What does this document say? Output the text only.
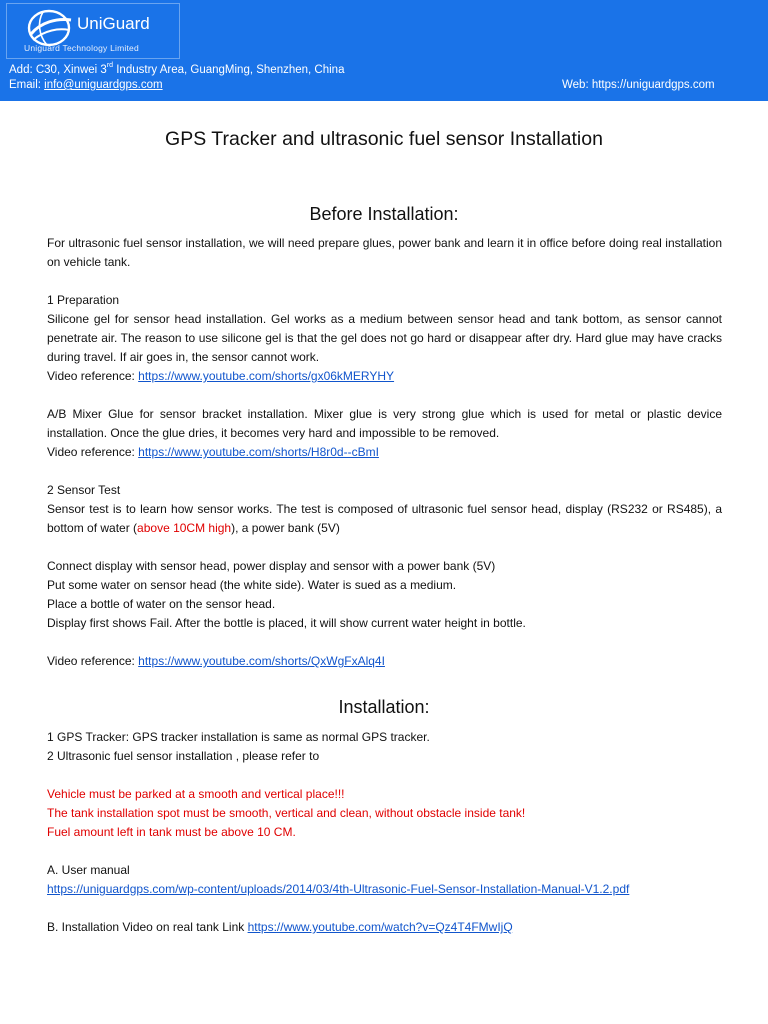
UniGuard
Uniguard Technology Limited
Add: C30, Xinwei 3rd Industry Area, GuangMing, Shenzhen, China
Email: info@uniguardgps.com	Web: https://uniguardgps.com
GPS Tracker and ultrasonic fuel sensor Installation
Before Installation:
For ultrasonic fuel sensor installation, we will need prepare glues, power bank and learn it in office before doing real installation on vehicle tank.
1 Preparation
Silicone gel for sensor head installation. Gel works as a medium between sensor head and tank bottom, as sensor cannot penetrate air. The reason to use silicone gel is that the gel does not go hard or disappear after dry. Hard glue may have cracks during travel. If air goes in, the sensor cannot work.
Video reference: https://www.youtube.com/shorts/gx06kMERYHY
A/B Mixer Glue for sensor bracket installation. Mixer glue is very strong glue which is used for metal or plastic device installation. Once the glue dries, it becomes very hard and impossible to be removed.
Video reference: https://www.youtube.com/shorts/H8r0d--cBmI
2 Sensor Test
Sensor test is to learn how sensor works. The test is composed of ultrasonic fuel sensor head, display (RS232 or RS485), a bottom of water (above 10CM high), a power bank (5V)
Connect display with sensor head, power display and sensor with a power bank (5V)
Put some water on sensor head (the white side). Water is sued as a medium.
Place a bottle of water on the sensor head.
Display first shows Fail. After the bottle is placed, it will show current water height in bottle.
Video reference: https://www.youtube.com/shorts/QxWgFxAlq4I
Installation:
1 GPS Tracker: GPS tracker installation is same as normal GPS tracker.
2 Ultrasonic fuel sensor installation , please refer to
Vehicle must be parked at a smooth and vertical place!!!
The tank installation spot must be smooth, vertical and clean, without obstacle inside tank!
Fuel amount left in tank must be above 10 CM.
A. User manual
https://uniguardgps.com/wp-content/uploads/2014/03/4th-Ultrasonic-Fuel-Sensor-Installation-Manual-V1.2.pdf
B. Installation Video on real tank Link https://www.youtube.com/watch?v=Qz4T4FMwIjQ
